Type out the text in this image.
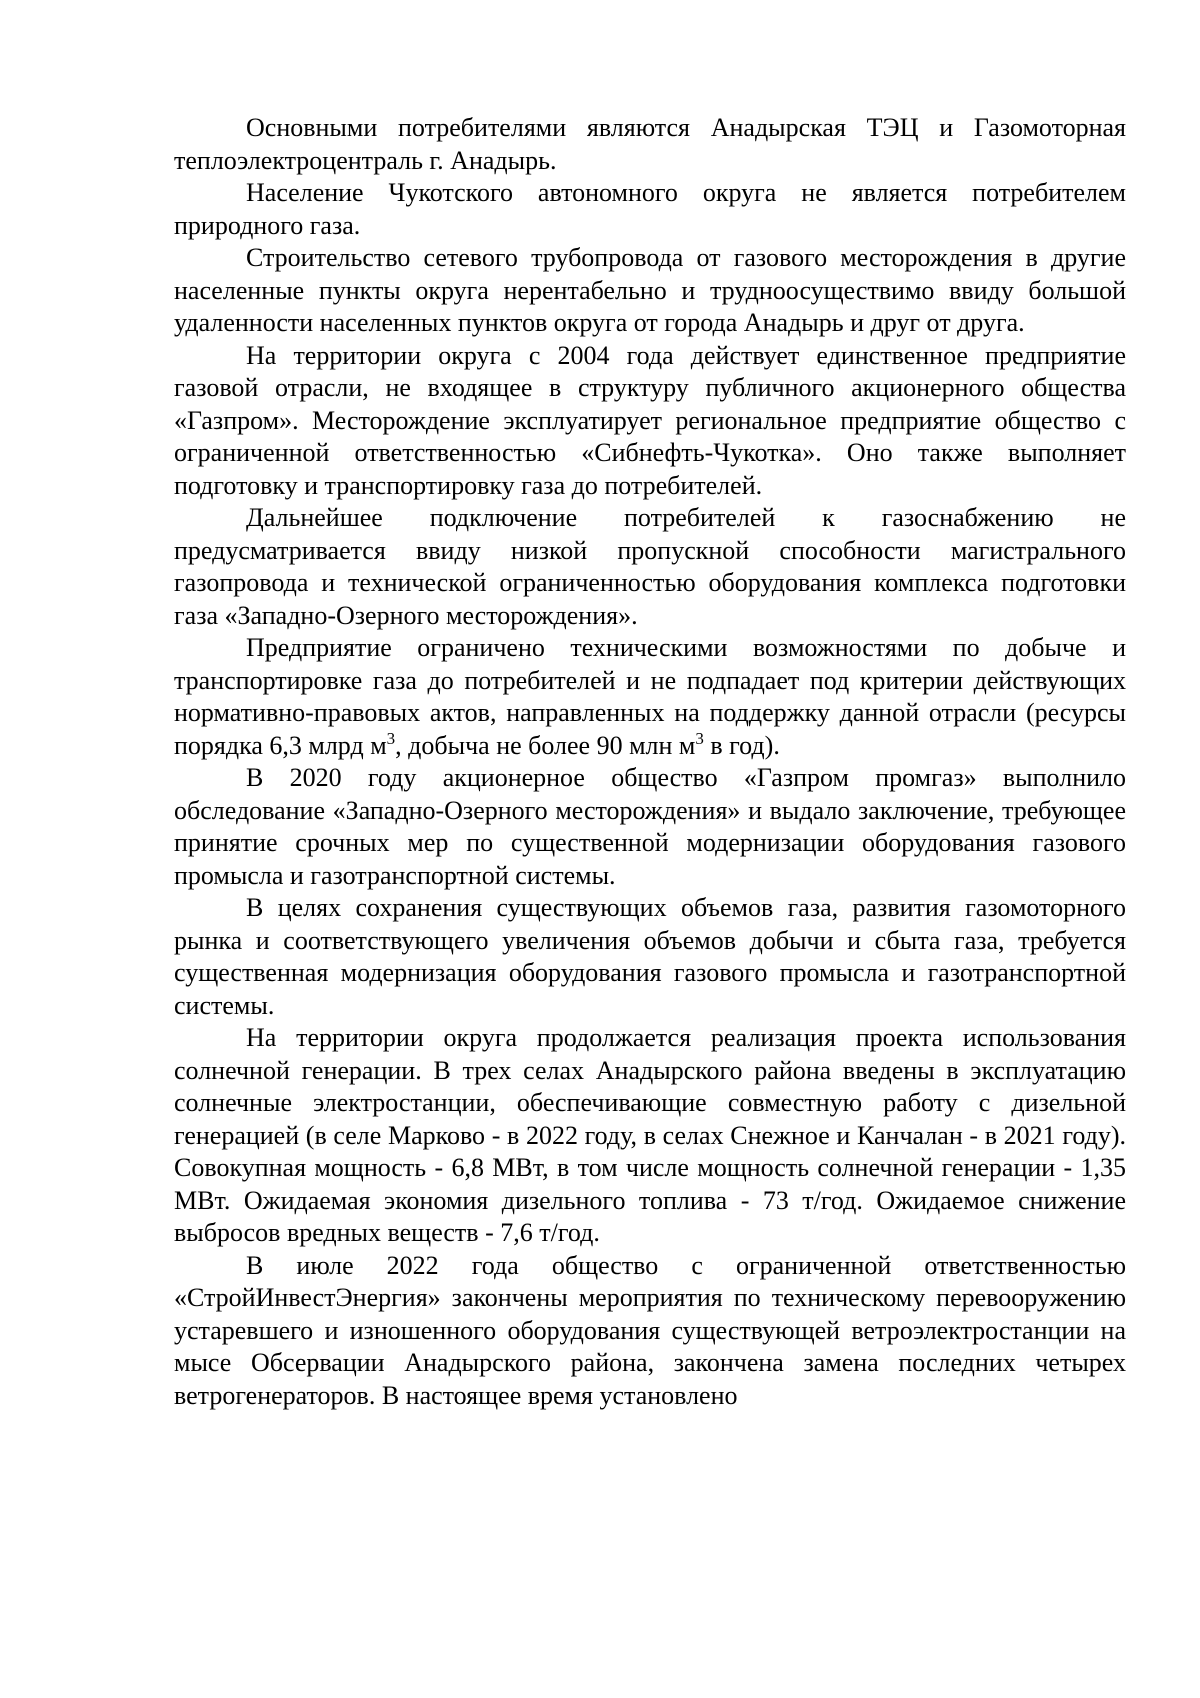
Основными потребителями являются Анадырская ТЭЦ и Газомоторная теплоэлектроцентраль г. Анадырь.

Население Чукотского автономного округа не является потребителем природного газа.

Строительство сетевого трубопровода от газового месторождения в другие населенные пункты округа нерентабельно и трудноосуществимо ввиду большой удаленности населенных пунктов округа от города Анадырь и друг от друга.

На территории округа с 2004 года действует единственное предприятие газовой отрасли, не входящее в структуру публичного акционерного общества «Газпром». Месторождение эксплуатирует региональное предприятие общество с ограниченной ответственностью «Сибнефть-Чукотка». Оно также выполняет подготовку и транспортировку газа до потребителей.

Дальнейшее подключение потребителей к газоснабжению не предусматривается ввиду низкой пропускной способности магистрального газопровода и технической ограниченностью оборудования комплекса подготовки газа «Западно-Озерного месторождения».

Предприятие ограничено техническими возможностями по добыче и транспортировке газа до потребителей и не подпадает под критерии действующих нормативно-правовых актов, направленных на поддержку данной отрасли (ресурсы порядка 6,3 млрд $м^3$, добыча не более 90 млн $м^3$ в год).

В 2020 году акционерное общество «Газпром промгаз» выполнило обследование «Западно-Озерного месторождения» и выдало заключение, требующее принятие срочных мер по существенной модернизации оборудования газового промысла и газотранспортной системы.

В целях сохранения существующих объемов газа, развития газомоторного рынка и соответствующего увеличения объемов добычи и сбыта газа, требуется существенная модернизация оборудования газового промысла и газотранспортной системы.

На территории округа продолжается реализация проекта использования солнечной генерации. В трех селах Анадырского района введены в эксплуатацию солнечные электростанции, обеспечивающие совместную работу с дизельной генерацией (в селе Марково - в 2022 году, в селах Снежное и Канчалан - в 2021 году). Совокупная мощность - 6,8 МВт, в том числе мощность солнечной генерации - 1,35 МВт. Ожидаемая экономия дизельного топлива - 73 т/год. Ожидаемое снижение выбросов вредных веществ - 7,6 т/год.

В июле 2022 года общество с ограниченной ответственностью «СтройИнвестЭнергия» закончены мероприятия по техническому перевооружению устаревшего и изношенного оборудования существующей ветроэлектростанции на мысе Обсервации Анадырского района, закончена замена последних четырех ветрогенераторов. В настоящее время установлено
